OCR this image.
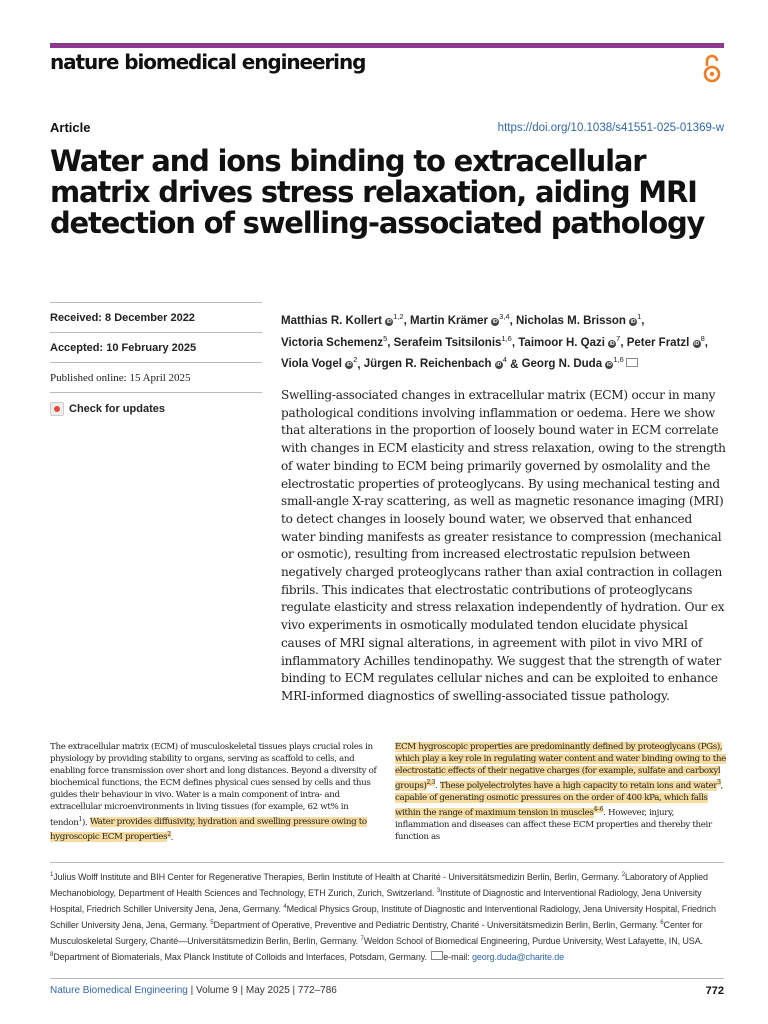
nature biomedical engineering
Article	https://doi.org/10.1038/s41551-025-01369-w
Water and ions binding to extracellular matrix drives stress relaxation, aiding MRI detection of swelling-associated pathology
Received: 8 December 2022
Accepted: 10 February 2025
Published online: 15 April 2025
Check for updates
Matthias R. Kollert iD$^{1,2}$, Martin Krämer iD$^{3,4}$, Nicholas M. Brisson $iD^1$, Victoria Schemenz$^5$, Serafeim Tsitsilonis$^{1,6}$, Taimoor H. Qazi $iD^7$, Peter Fratzl $iD^8$, Viola Vogel $iD^2$, Jürgen R. Reichenbach $iD^4$ & Georg N. Duda iD$^{1,6}$

Swelling-associated changes in extracellular matrix (ECM) occur in many pathological conditions involving inflammation or oedema. Here we show that alterations in the proportion of loosely bound water in ECM correlate with changes in ECM elasticity and stress relaxation, owing to the strength of water binding to ECM being primarily governed by osmolality and the electrostatic properties of proteoglycans. By using mechanical testing and small-angle X-ray scattering, as well as magnetic resonance imaging (MRI) to detect changes in loosely bound water, we observed that enhanced water binding manifests as greater resistance to compression (mechanical or osmotic), resulting from increased electrostatic repulsion between negatively charged proteoglycans rather than axial contraction in collagen fibrils. This indicates that electrostatic contributions of proteoglycans regulate elasticity and stress relaxation independently of hydration. Our ex vivo experiments in osmotically modulated tendon elucidate physical causes of MRI signal alterations, in agreement with pilot in vivo MRI of inflammatory Achilles tendinopathy. We suggest that the strength of water binding to ECM regulates cellular niches and can be exploited to enhance MRI-informed diagnostics of swelling-associated tissue pathology.

The extracellular matrix (ECM) of musculoskeletal tissues plays crucial roles in physiology by providing stability to organs, serving as scaffold to cells, and enabling force transmission over short and long distances. Beyond a diversity of biochemical functions, the ECM defines physical cues sensed by cells and thus guides their behaviour in vivo. Water is a main component of intra- and extracellular microenvironments in living tissues (for example, 62 wt% in tendon$^1$). Water provides diffusivity, hydration and swelling pressure owing to hygroscopic ECM properties$^2$.

ECM hygroscopic properties are predominantly defined by proteoglycans (PGs), which play a key role in regulating water content and water binding owing to the electrostatic effects of their negative charges (for example, sulfate and carboxyl groups)$^{2,3}$. These polyelectrolytes have a high capacity to retain ions and water$^3$, capable of generating osmotic pressures on the order of 400 kPa, which falls within the range of maximum tension in muscles$^{4-6}$. However, injury, inflammation and diseases can affect these ECM properties and thereby their function as

$^1$Julius Wolff Institute and BIH Center for Regenerative Therapies, Berlin Institute of Health at Charité - Universitätsmedizin Berlin, Berlin, Germany. $^2$Laboratory of Applied Mechanobiology, Department of Health Sciences and Technology, ETH Zurich, Zurich, Switzerland. $^3$Institute of Diagnostic and Interventional Radiology, Jena University Hospital, Friedrich Schiller University Jena, Jena, Germany. $^4$Medical Physics Group, Institute of Diagnostic and Interventional Radiology, Jena University Hospital, Friedrich Schiller University Jena, Jena, Germany. $^5$Department of Operative, Preventive and Pediatric Dentistry, Charité - Universitätsmedizin Berlin, Berlin, Germany. $^6$Center for Musculoskeletal Surgery, Charité—Universitätsmedizin Berlin, Berlin, Germany. $^7$Weldon School of Biomedical Engineering, Purdue University, West Lafayette, IN, USA. $^8$Department of Biomaterials, Max Planck Institute of Colloids and Interfaces, Potsdam, Germany. e-mail: georg.duda@charite.de

Nature Biomedical Engineering | Volume 9 | May 2025 | 772–786	772
